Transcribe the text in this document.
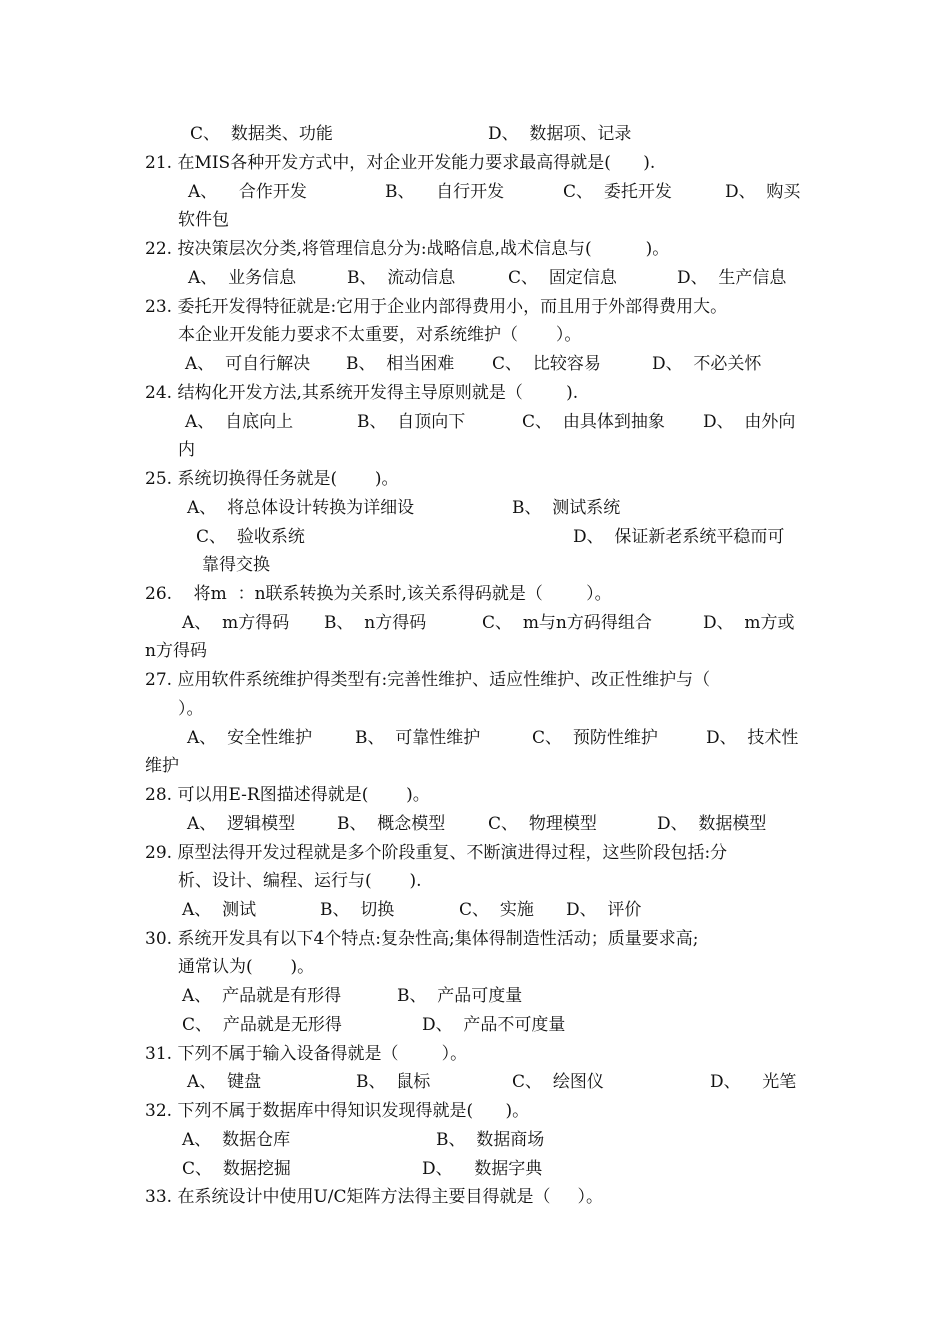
C、  数据类、功能	D、  数据项、记录
21. 在MIS各种开发方式中，对企业开发能力要求最高得就是(      ).
A、    合作开发	B、    自行开发	C、  委托开发	D、  购买
软件包
22. 按决策层次分类,将管理信息分为:战略信息,战术信息与(          )。
A、  业务信息	B、  流动信息	C、  固定信息	D、  生产信息
23. 委托开发得特征就是:它用于企业内部得费用小，而且用于外部得费用大。
本企业开发能力要求不太重要，对系统维护（       ）。
A、  可自行解决 B、  相当困难 C、  比较容易	D、  不必关怀
24. 结构化开发方法,其系统开发得主导原则就是（        ).
A、  自底向上	B、  自顶向下	C、  由具体到抽象 D、  由外向
内
25. 系统切换得任务就是(       )。
A、  将总体设计转换为详细设	B、  测试系统
C、  验收系统	D、  保证新老系统平稳而可
靠得交换
26.    将m  ：n联系转换为关系时,该关系得码就是（        ）。
A、  m方得码 B、  n方得码	C、  m与n方码得组合	D、  m方或
n方得码
27. 应用软件系统维护得类型有:完善性维护、适应性维护、改正性维护与（
）。
A、  安全性维护	B、  可靠性维护	C、  预防性维护	D、  技术性
维护
28. 可以用E-R图描述得就是(       )。
A、  逻辑模型 B、  概念模型	C、  物理模型	D、  数据模型
29. 原型法得开发过程就是多个阶段重复、不断演进得过程，这些阶段包括:分
析、设计、编程、运行与(       ).
A、  测试	B、  切换	C、  实施 D、  评价
30. 系统开发具有以下4个特点:复杂性高;集体得制造性活动；质量要求高;
通常认为(       )。
A、  产品就是有形得	B、  产品可度量
C、  产品就是无形得	D、  产品不可度量
31. 下列不属于输入设备得就是（        ）。
A、  键盘	B、  鼠标	C、  绘图仪	D、    光笔
32. 下列不属于数据库中得知识发现得就是(      )。
A、  数据仓库	B、  数据商场
C、  数据挖掘	D、    数据字典
33. 在系统设计中使用U/C矩阵方法得主要目得就是（     ）。
